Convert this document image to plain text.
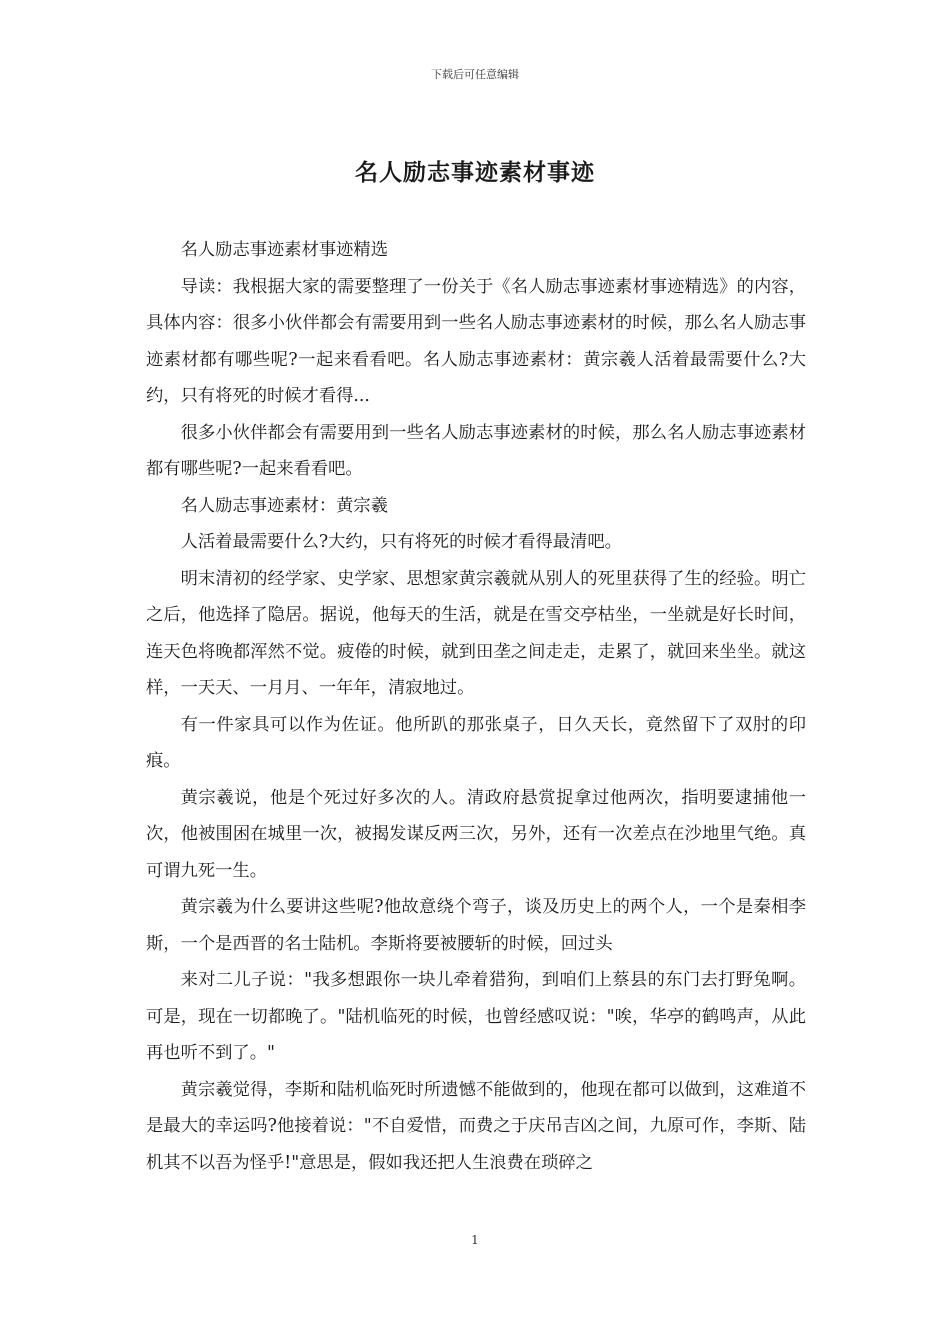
下载后可任意编辑
名人励志事迹素材事迹

名人励志事迹素材事迹精选

导读：我根据大家的需要整理了一份关于《名人励志事迹素材事迹精选》的内容，具体内容：很多小伙伴都会有需要用到一些名人励志事迹素材的时候，那么名人励志事迹素材都有哪些呢?一起来看看吧。名人励志事迹素材：黄宗羲人活着最需要什么?大约，只有将死的时候才看得...

很多小伙伴都会有需要用到一些名人励志事迹素材的时候，那么名人励志事迹素材都有哪些呢?一起来看看吧。

名人励志事迹素材：黄宗羲

人活着最需要什么?大约，只有将死的时候才看得最清吧。

明末清初的经学家、史学家、思想家黄宗羲就从别人的死里获得了生的经验。明亡之后，他选择了隐居。据说，他每天的生活，就是在雪交亭枯坐，一坐就是好长时间，连天色将晚都浑然不觉。疲倦的时候，就到田垄之间走走，走累了，就回来坐坐。就这样，一天天、一月月、一年年，清寂地过。

有一件家具可以作为佐证。他所趴的那张桌子，日久天长，竟然留下了双肘的印痕。

黄宗羲说，他是个死过好多次的人。清政府悬赏捉拿过他两次，指明要逮捕他一次，他被围困在城里一次，被揭发谋反两三次，另外，还有一次差点在沙地里气绝。真可谓九死一生。

黄宗羲为什么要讲这些呢?他故意绕个弯子，谈及历史上的两个人，一个是秦相李斯，一个是西晋的名士陆机。李斯将要被腰斩的时候，回过头

来对二儿子说："我多想跟你一块儿牵着猎狗，到咱们上蔡县的东门去打野兔啊。可是，现在一切都晚了。"陆机临死的时候，也曾经感叹说："唉，华亭的鹤鸣声，从此再也听不到了。"

黄宗羲觉得，李斯和陆机临死时所遗憾不能做到的，他现在都可以做到，这难道不是最大的幸运吗?他接着说："不自爱惜，而费之于庆吊吉凶之间，九原可作，李斯、陆机其不以吾为怪乎!"意思是，假如我还把人生浪费在琐碎之

1
